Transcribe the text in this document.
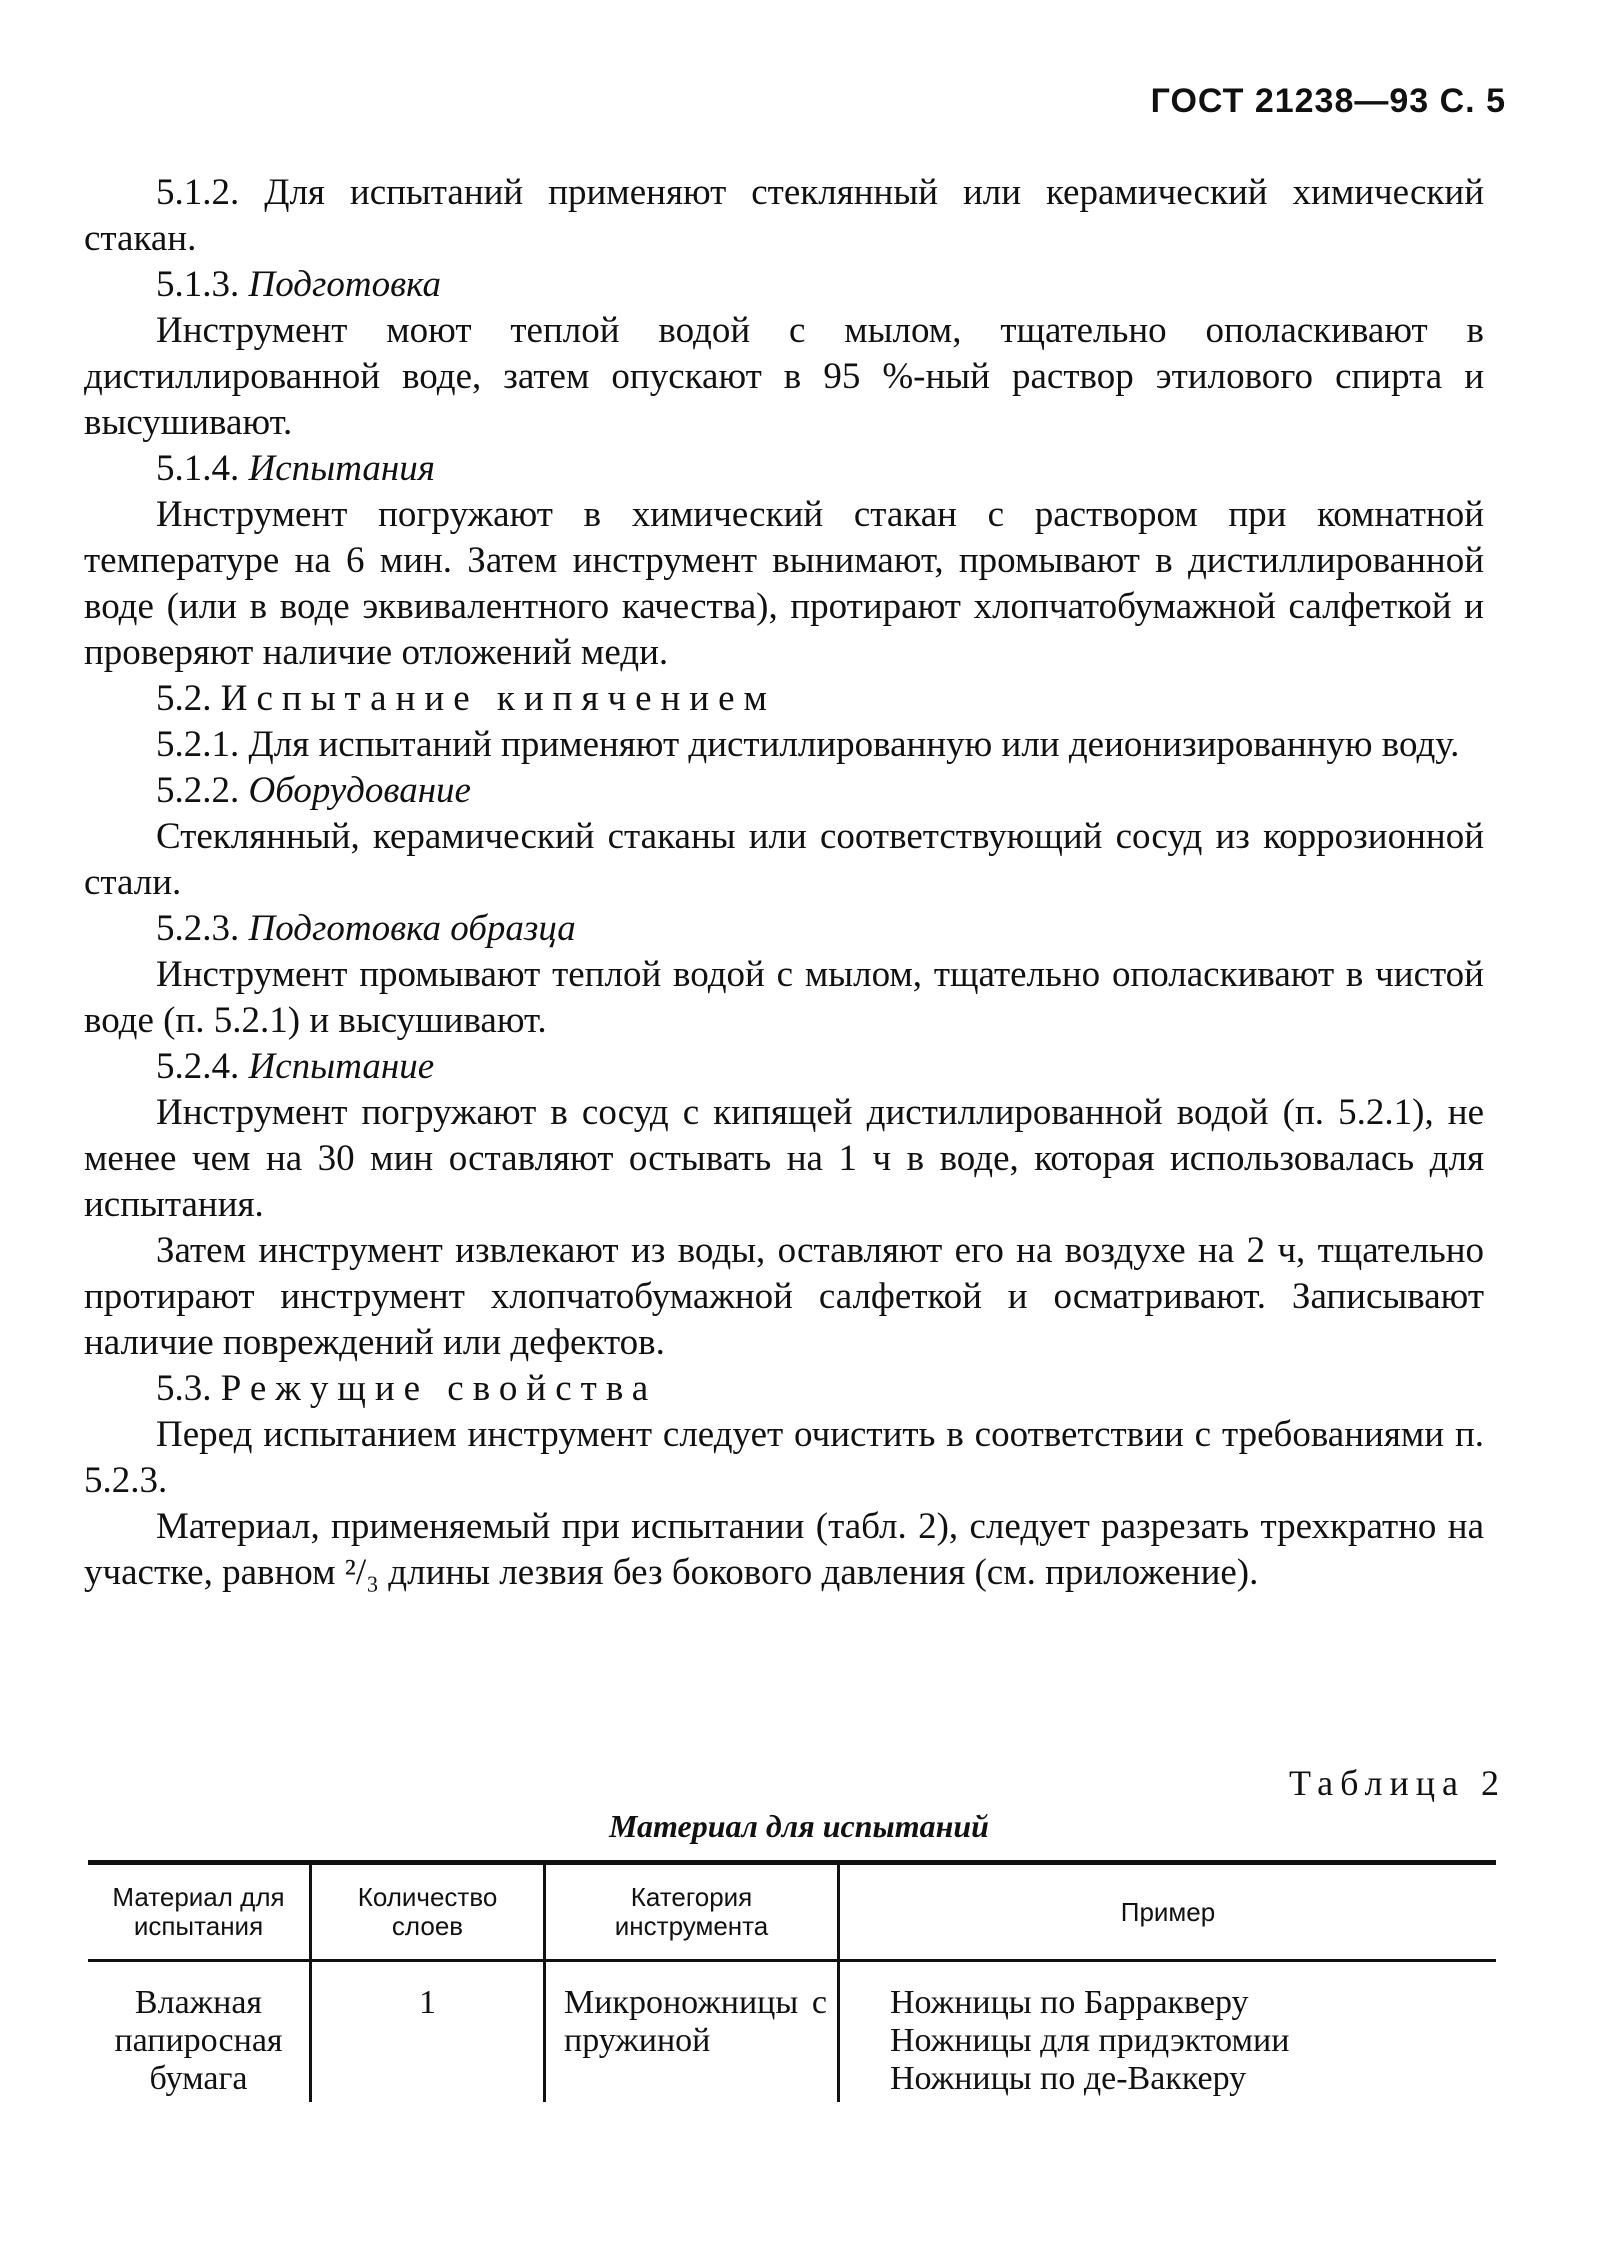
ГОСТ 21238—93 С. 5

5.1.2. Для испытаний применяют стеклянный или керамический химический стакан.

5.1.3. Подготовка

Инструмент моют теплой водой с мылом, тщательно ополаскивают в дистиллированной воде, затем опускают в 95 %-ный раствор этилового спирта и высушивают.

5.1.4. Испытания

Инструмент погружают в химический стакан с раствором при комнатной температуре на 6 мин. Затем инструмент вынимают, промывают в дистиллированной воде (или в воде эквивалентного качества), протирают хлопчатобумажной салфеткой и проверяют наличие отложений меди.

5.2. Испытание кипячением

5.2.1. Для испытаний применяют дистиллированную или деионизированную воду.

5.2.2. Оборудование

Стеклянный, керамический стаканы или соответствующий сосуд из коррозионной стали.

5.2.3. Подготовка образца

Инструмент промывают теплой водой с мылом, тщательно ополаскивают в чистой воде (п. 5.2.1) и высушивают.

5.2.4. Испытание

Инструмент погружают в сосуд с кипящей дистиллированной водой (п. 5.2.1), не менее чем на 30 мин оставляют остывать на 1 ч в воде, которая использовалась для испытания.

Затем инструмент извлекают из воды, оставляют его на воздухе на 2 ч, тщательно протирают инструмент хлопчатобумажной салфеткой и осматривают. Записывают наличие повреждений или дефектов.

5.3. Режущие свойства

Перед испытанием инструмент следует очистить в соответствии с требованиями п. 5.2.3.

Материал, применяемый при испытании (табл. 2), следует разрезать трехкратно на участке, равном ²/₃ длины лезвия без бокового давления (см. приложение).

Таблица 2
Материал для испытаний
Материал для испытания	Количество слоев	Категория инструмента	Пример
Влажная папиросная бумага	1	Микроножницы с пружиной	Ножницы по Барракверу
Ножницы для придэктомии
Ножницы по де-Ваккеру
